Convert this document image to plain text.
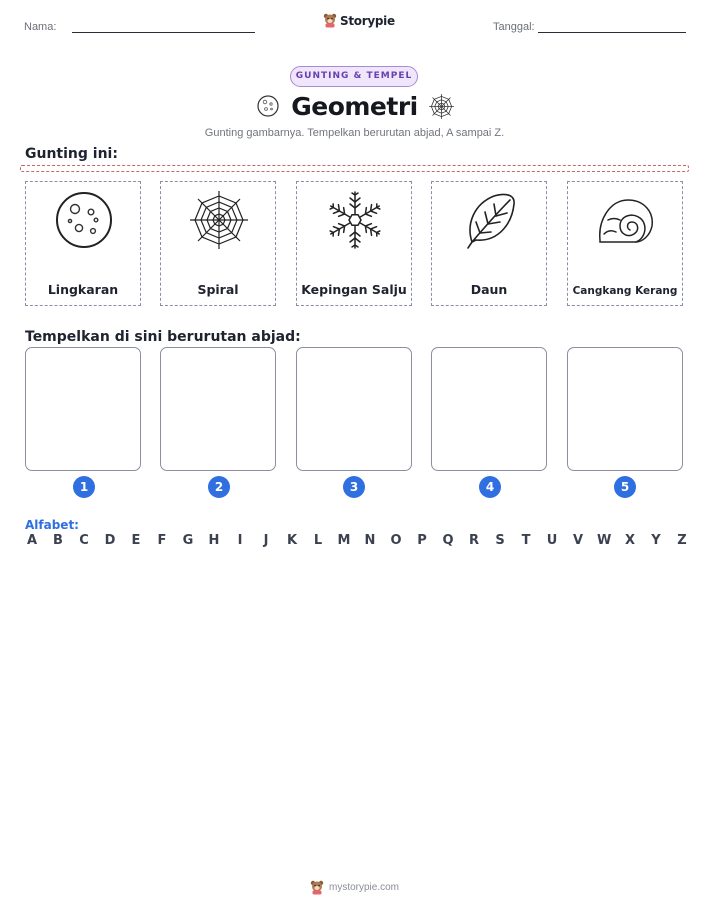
Nama:	Storypie	Tanggal:
GUNTING & TEMPEL
Geometri
Gunting gambarnya. Tempelkan berurutan abjad, A sampai Z.
Gunting ini:
Lingkaran	Spiral	Kepingan Salju	Daun	Cangkang Kerang
Tempelkan di sini berurutan abjad:
1	2	3	4	5
Alfabet:
A B C D E F G H	I	J	K L M N O P Q R S T U V W X Y Z
mystorypie.com
